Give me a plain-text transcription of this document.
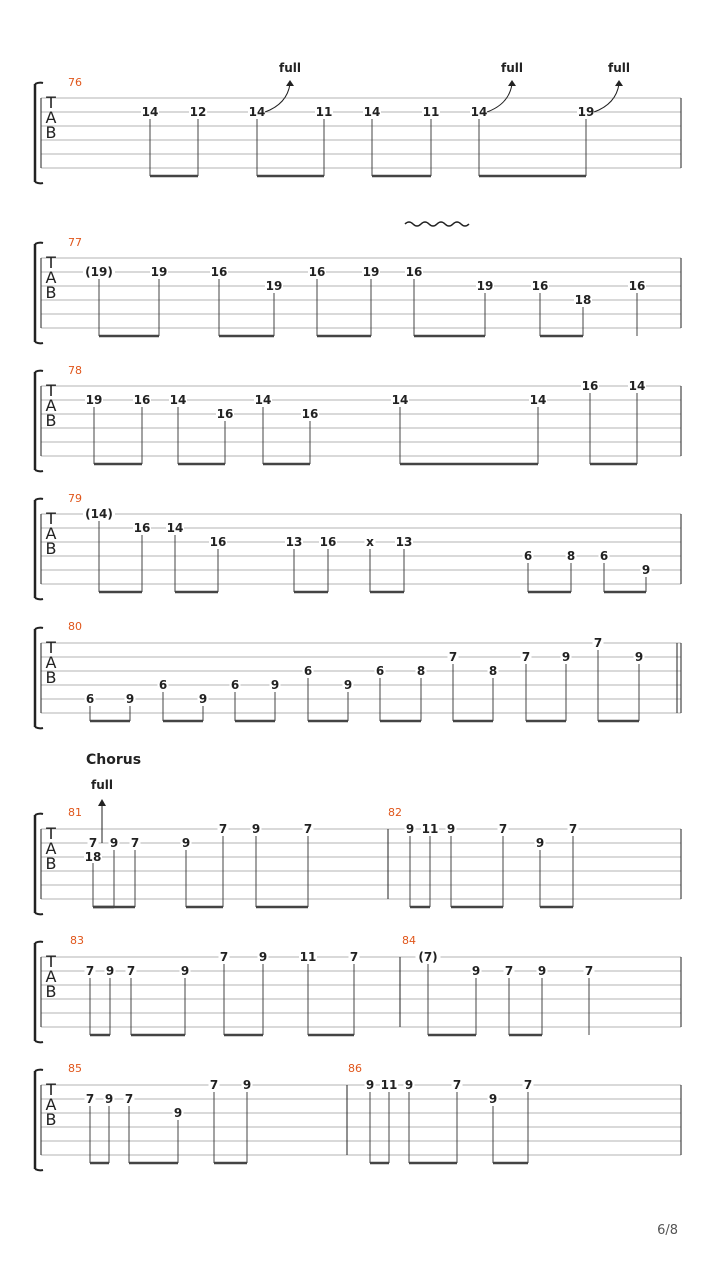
T
A
B
76
14	12	14
full
11	14	11	14
full
19
full
T
A
B
77
(19)	19	16
19
16	19 16
19	16
18
16
T
A
B
78
19	16 14
16
14
16
14	14
16	14
T
A
B
79
(14)
16 14
16	13 16 x 13
6	8 6
9
T
A
B
80
6	9
6
9
6	9
6
9
6	8
7
8
7	9
7
9
T
A
B
81	82
7 9 7
18
9
7 9	7	9 11 9	7
9
7
Chorus
full
T
A
B
83	84
7 9 7	9
7	9	11	7	(7)
9 7 9	7
T
A
B
85	86
7 9 7
9
7 9	9 11 9	7
9
7
6/8
